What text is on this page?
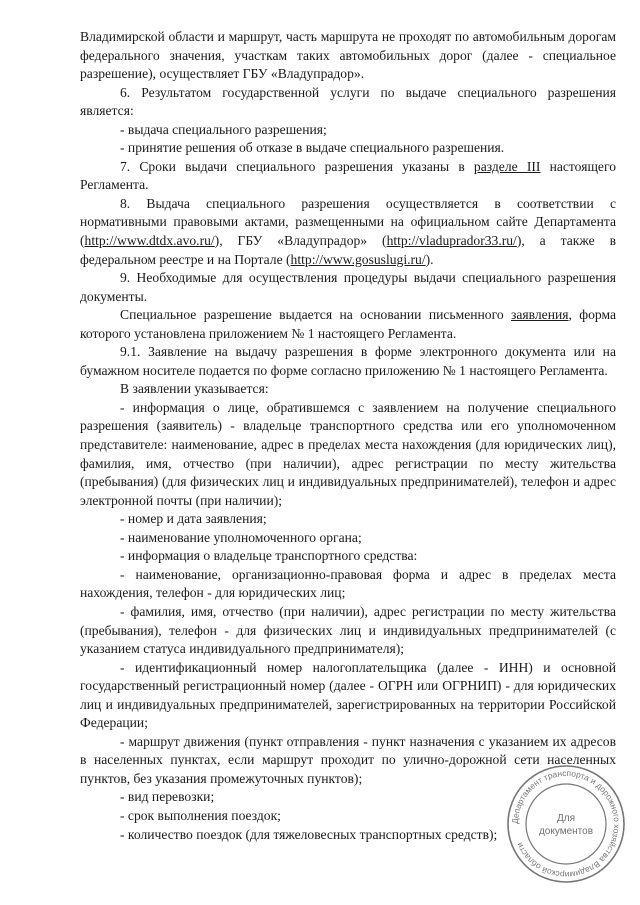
Владимирской области и маршрут, часть маршрута не проходят по автомобильным дорогам федерального значения, участкам таких автомобильных дорог (далее - специальное разрешение), осуществляет ГБУ «Владупрадор».

6. Результатом государственной услуги по выдаче специального разрешения является:

- выдача специального разрешения;

- принятие решения об отказе в выдаче специального разрешения.

7. Сроки выдачи специального разрешения указаны в разделе III настоящего Регламента.

8. Выдача специального разрешения осуществляется в соответствии с нормативными правовыми актами, размещенными на официальном сайте Департамента (http://www.dtdx.avo.ru/), ГБУ «Владупрадор» (http://vladuprador33.ru/), а также в федеральном реестре и на Портале (http://www.gosuslugi.ru/).

9. Необходимые для осуществления процедуры выдачи специального разрешения документы.

Специальное разрешение выдается на основании письменного заявления, форма которого установлена приложением № 1 настоящего Регламента.

9.1. Заявление на выдачу разрешения в форме электронного документа или на бумажном носителе подается по форме согласно приложению № 1 настоящего Регламента.

В заявлении указывается:

- информация о лице, обратившемся с заявлением на получение специального разрешения (заявитель) - владельце транспортного средства или его уполномоченном представителе: наименование, адрес в пределах места нахождения (для юридических лиц), фамилия, имя, отчество (при наличии), адрес регистрации по месту жительства (пребывания) (для физических лиц и индивидуальных предпринимателей), телефон и адрес электронной почты (при наличии);

- номер и дата заявления;

- наименование уполномоченного органа;

- информация о владельце транспортного средства:

- наименование, организационно-правовая форма и адрес в пределах места нахождения, телефон - для юридических лиц;

- фамилия, имя, отчество (при наличии), адрес регистрации по месту жительства (пребывания), телефон - для физических лиц и индивидуальных предпринимателей (с указанием статуса индивидуального предпринимателя);

- идентификационный номер налогоплательщика (далее - ИНН) и основной государственный регистрационный номер (далее - ОГРН или ОГРНИП) - для юридических лиц и индивидуальных предпринимателей, зарегистрированных на территории Российской Федерации;

- маршрут движения (пункт отправления - пункт назначения с указанием их адресов в населенных пунктах, если маршрут проходит по улично-дорожной сети населенных пунктов, без указания промежуточных пунктов);

- вид перевозки;

- срок выполнения поездок;

- количество поездок (для тяжеловесных транспортных средств);

Департамент транспорта и дорожного хозяйства Владимирской области
Для
документов
